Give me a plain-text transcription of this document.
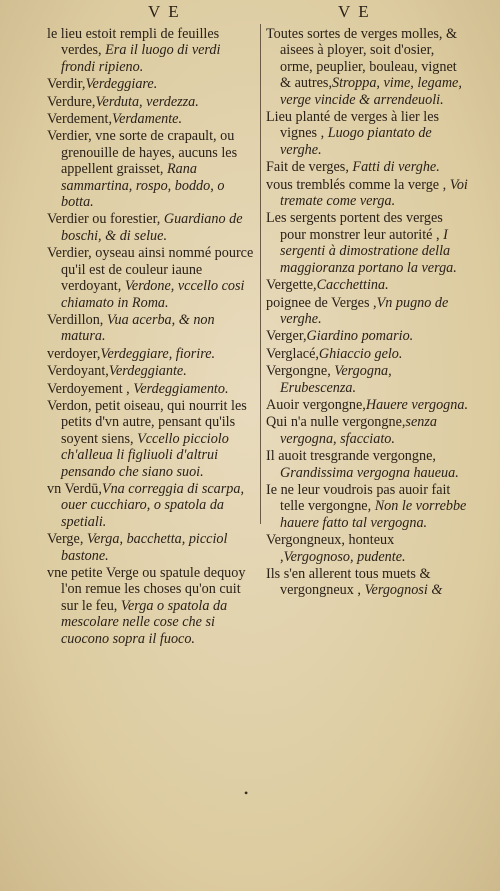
V E	V E

le lieu estoit rempli de feuilles verdes, Era il luogo di verdi frondi ripieno.

Verdir,Verdeggiare.

Verdure,Verduta, verdezza.

Verdement,Verdamente.

Verdier, vne sorte de crapault, ou grenouille de hayes, aucuns les appellent graisset, Rana sammartina, rospo, boddo, o botta.

Verdier ou forestier, Guardiano de boschi, & di selue.

Verdier, oyseau ainsi nommé pource qu'il est de couleur iaune verdoyant, Verdone, vccello cosi chiamato in Roma.

Verdillon, Vua acerba, & non matura.

verdoyer,Verdeggiare, fiorire.

Verdoyant,Verdeggiante.

Verdoyement , Verdeggiamento.

Verdon, petit oiseau, qui nourrit les petits d'vn autre, pensant qu'ils soyent siens, Vccello picciolo ch'alleua li figliuoli d'altrui pensando che siano suoi.

vn Verdū,Vna correggia di scarpa, ouer cucchiaro, o spatola da spetiali.

Verge, Verga, bacchetta, picciol bastone.

vne petite Verge ou spatule dequoy l'on remue les choses qu'on cuit sur le feu, Verga o spatola da mescolare nelle cose che si cuocono sopra il fuoco.

Toutes sortes de verges molles, & aisees à ployer, soit d'osier, orme, peuplier, bouleau, vignet & autres,Stroppa, vime, legame, verge vincide & arrendeuoli.

Lieu planté de verges à lier les vignes , Luogo piantato de verghe.

Fait de verges, Fatti di verghe.

vous tremblés comme la verge , Voi tremate come verga.

Les sergents portent des verges pour monstrer leur autorité , I sergenti à dimostratione della maggioranza portano la verga.

Vergette,Cacchettina.

poignee de Verges ,Vn pugno de verghe.

Verger,Giardino pomario.

Verglacé,Ghiaccio gelo.

Vergongne, Vergogna, Erubescenza.

Auoir vergongne,Hauere vergogna.

Qui n'a nulle vergongne,senza vergogna, sfacciato.

Il auoit tresgrande vergongne, Grandissima vergogna haueua.

Ie ne leur voudrois pas auoir fait telle vergongne, Non le vorrebbe hauere fatto tal vergogna.

Vergongneux, honteux ,Vergognoso, pudente.

Ils s'en allerent tous muets & vergongneux , Vergognosi &

•
